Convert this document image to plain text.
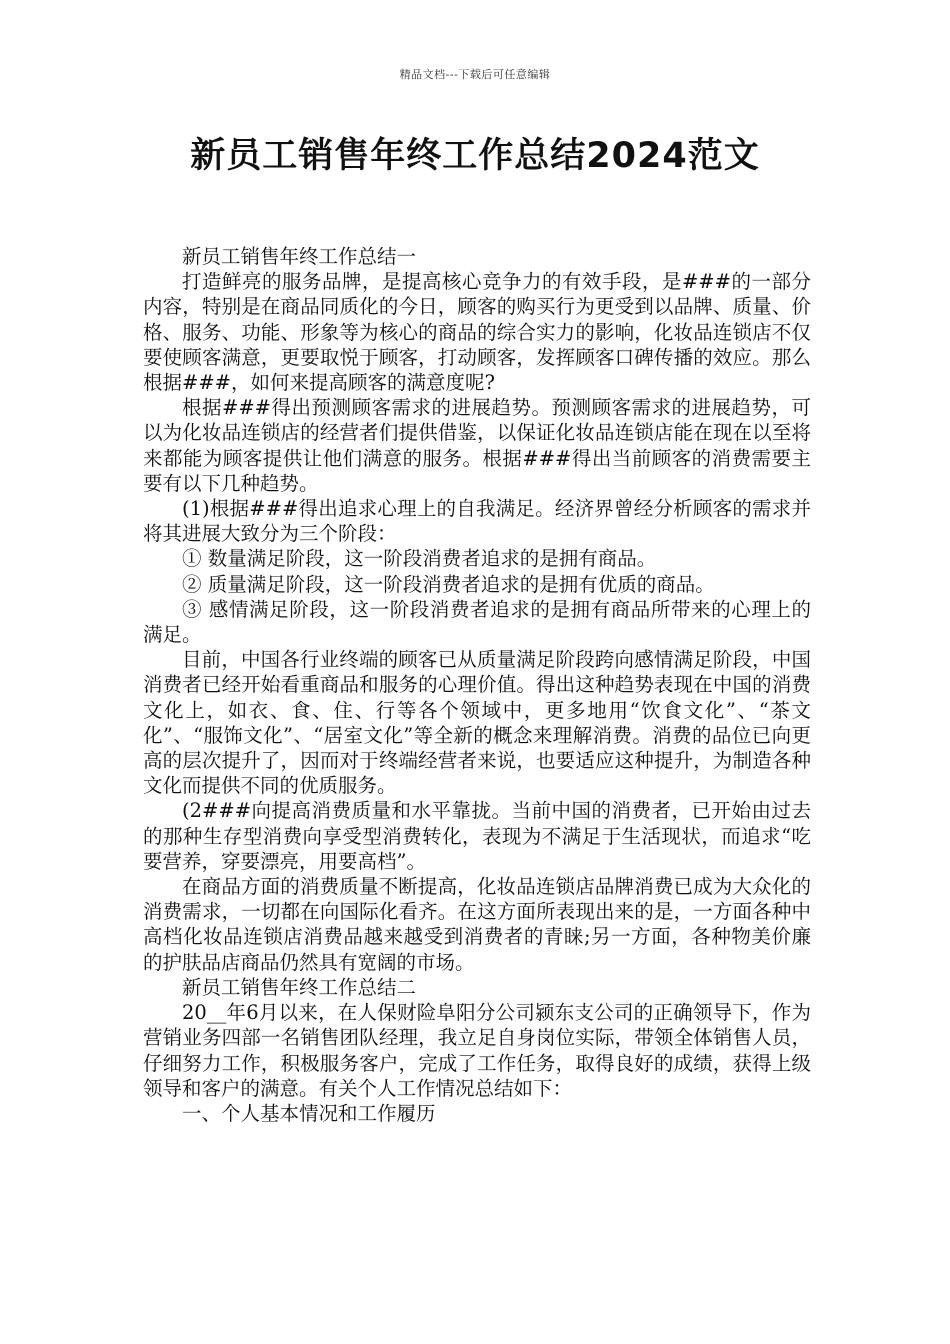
精品文档---下载后可任意编辑
新员工销售年终工作总结2024范文

新员工销售年终工作总结一

打造鲜亮的服务品牌，是提高核心竞争力的有效手段，是###的一部分内容，特别是在商品同质化的今日，顾客的购买行为更受到以品牌、质量、价格、服务、功能、形象等为核心的商品的综合实力的影响，化妆品连锁店不仅要使顾客满意，更要取悦于顾客，打动顾客，发挥顾客口碑传播的效应。那么根据###，如何来提高顾客的满意度呢?

根据###得出预测顾客需求的进展趋势。预测顾客需求的进展趋势，可以为化妆品连锁店的经营者们提供借鉴，以保证化妆品连锁店能在现在以至将来都能为顾客提供让他们满意的服务。根据###得出当前顾客的消费需要主要有以下几种趋势。

(1)根据###得出追求心理上的自我满足。经济界曾经分析顾客的需求并将其进展大致分为三个阶段：

① 数量满足阶段，这一阶段消费者追求的是拥有商品。

② 质量满足阶段，这一阶段消费者追求的是拥有优质的商品。

③ 感情满足阶段，这一阶段消费者追求的是拥有商品所带来的心理上的满足。

目前，中国各行业终端的顾客已从质量满足阶段跨向感情满足阶段，中国消费者已经开始看重商品和服务的心理价值。得出这种趋势表现在中国的消费文化上，如衣、食、住、行等各个领域中，更多地用“饮食文化”、“茶文化”、“服饰文化”、“居室文化”等全新的概念来理解消费。消费的品位已向更高的层次提升了，因而对于终端经营者来说，也要适应这种提升，为制造各种文化而提供不同的优质服务。

(2###向提高消费质量和水平靠拢。当前中国的消费者，已开始由过去的那种生存型消费向享受型消费转化，表现为不满足于生活现状，而追求“吃要营养，穿要漂亮，用要高档”。

在商品方面的消费质量不断提高，化妆品连锁店品牌消费已成为大众化的消费需求，一切都在向国际化看齐。在这方面所表现出来的是，一方面各种中高档化妆品连锁店消费品越来越受到消费者的青睐;另一方面，各种物美价廉的护肤品店商品仍然具有宽阔的市场。

新员工销售年终工作总结二

20__年6月以来，在人保财险阜阳分公司颍东支公司的正确领导下，作为营销业务四部一名销售团队经理，我立足自身岗位实际，带领全体销售人员，仔细努力工作，积极服务客户，完成了工作任务，取得良好的成绩，获得上级领导和客户的满意。有关个人工作情况总结如下：

一、个人基本情况和工作履历
